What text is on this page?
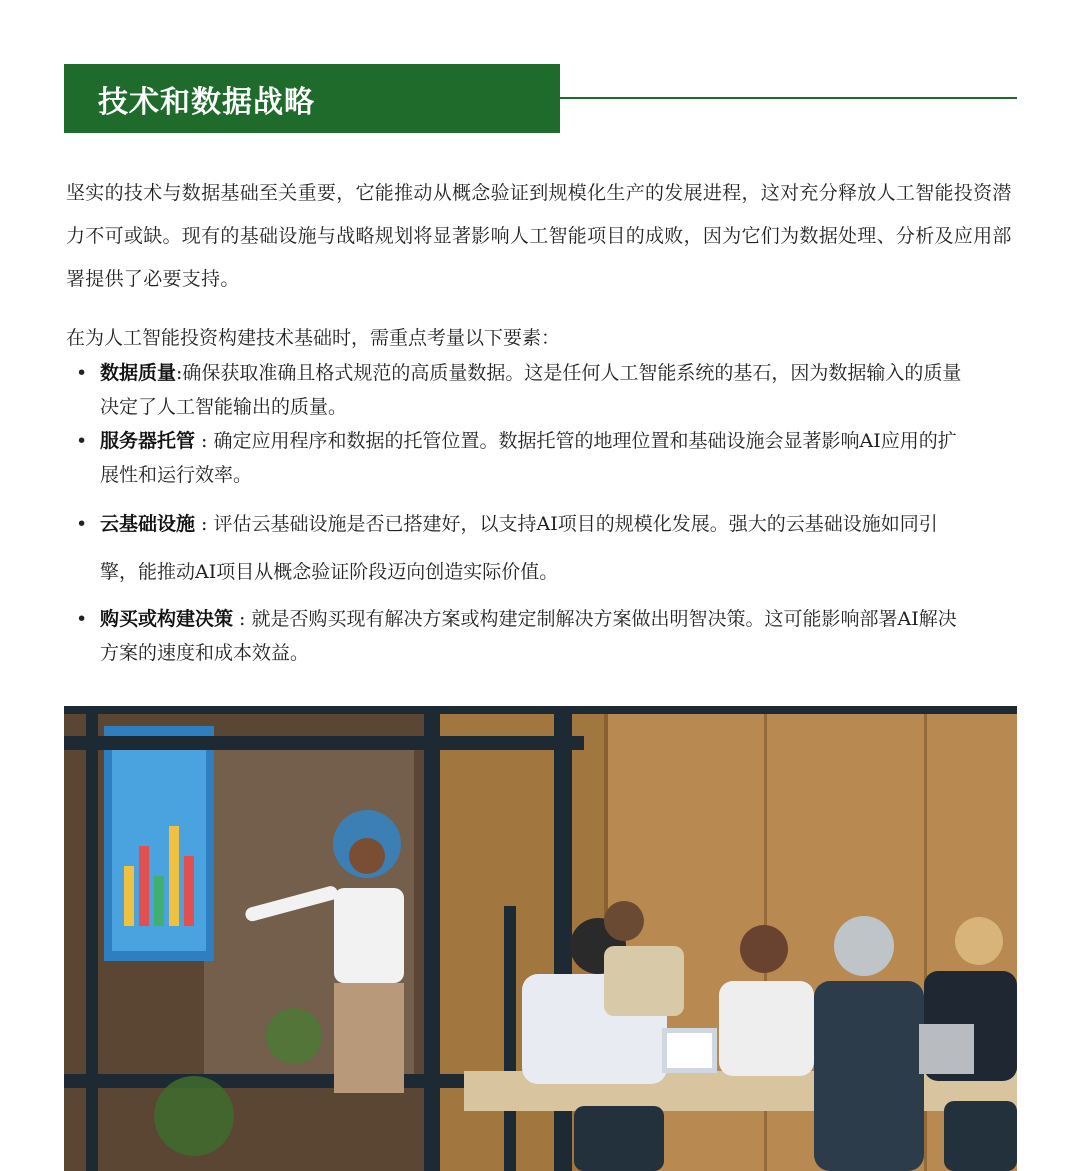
技术和数据战略

坚实的技术与数据基础至关重要，它能推动从概念验证到规模化生产的发展进程，这对充分释放人工智能投资潜力不可或缺。现有的基础设施与战略规划将显著影响人工智能项目的成败，因为它们为数据处理、分析及应用部署提供了必要支持。

在为人工智能投资构建技术基础时，需重点考量以下要素：

• 数据质量:确保获取准确且格式规范的高质量数据。这是任何人工智能系统的基石，因为数据输入的质量决定了人工智能输出的质量。
• 服务器托管 : 确定应用程序和数据的托管位置。数据托管的地理位置和基础设施会显著影响AI应用的扩展性和运行效率。
• 云基础设施 : 评估云基础设施是否已搭建好，以支持AI项目的规模化发展。强大的云基础设施如同引擎，能推动AI项目从概念验证阶段迈向创造实际价值。
• 购买或构建决策 : 就是否购买现有解决方案或构建定制解决方案做出明智决策。这可能影响部署AI解决方案的速度和成本效益。
